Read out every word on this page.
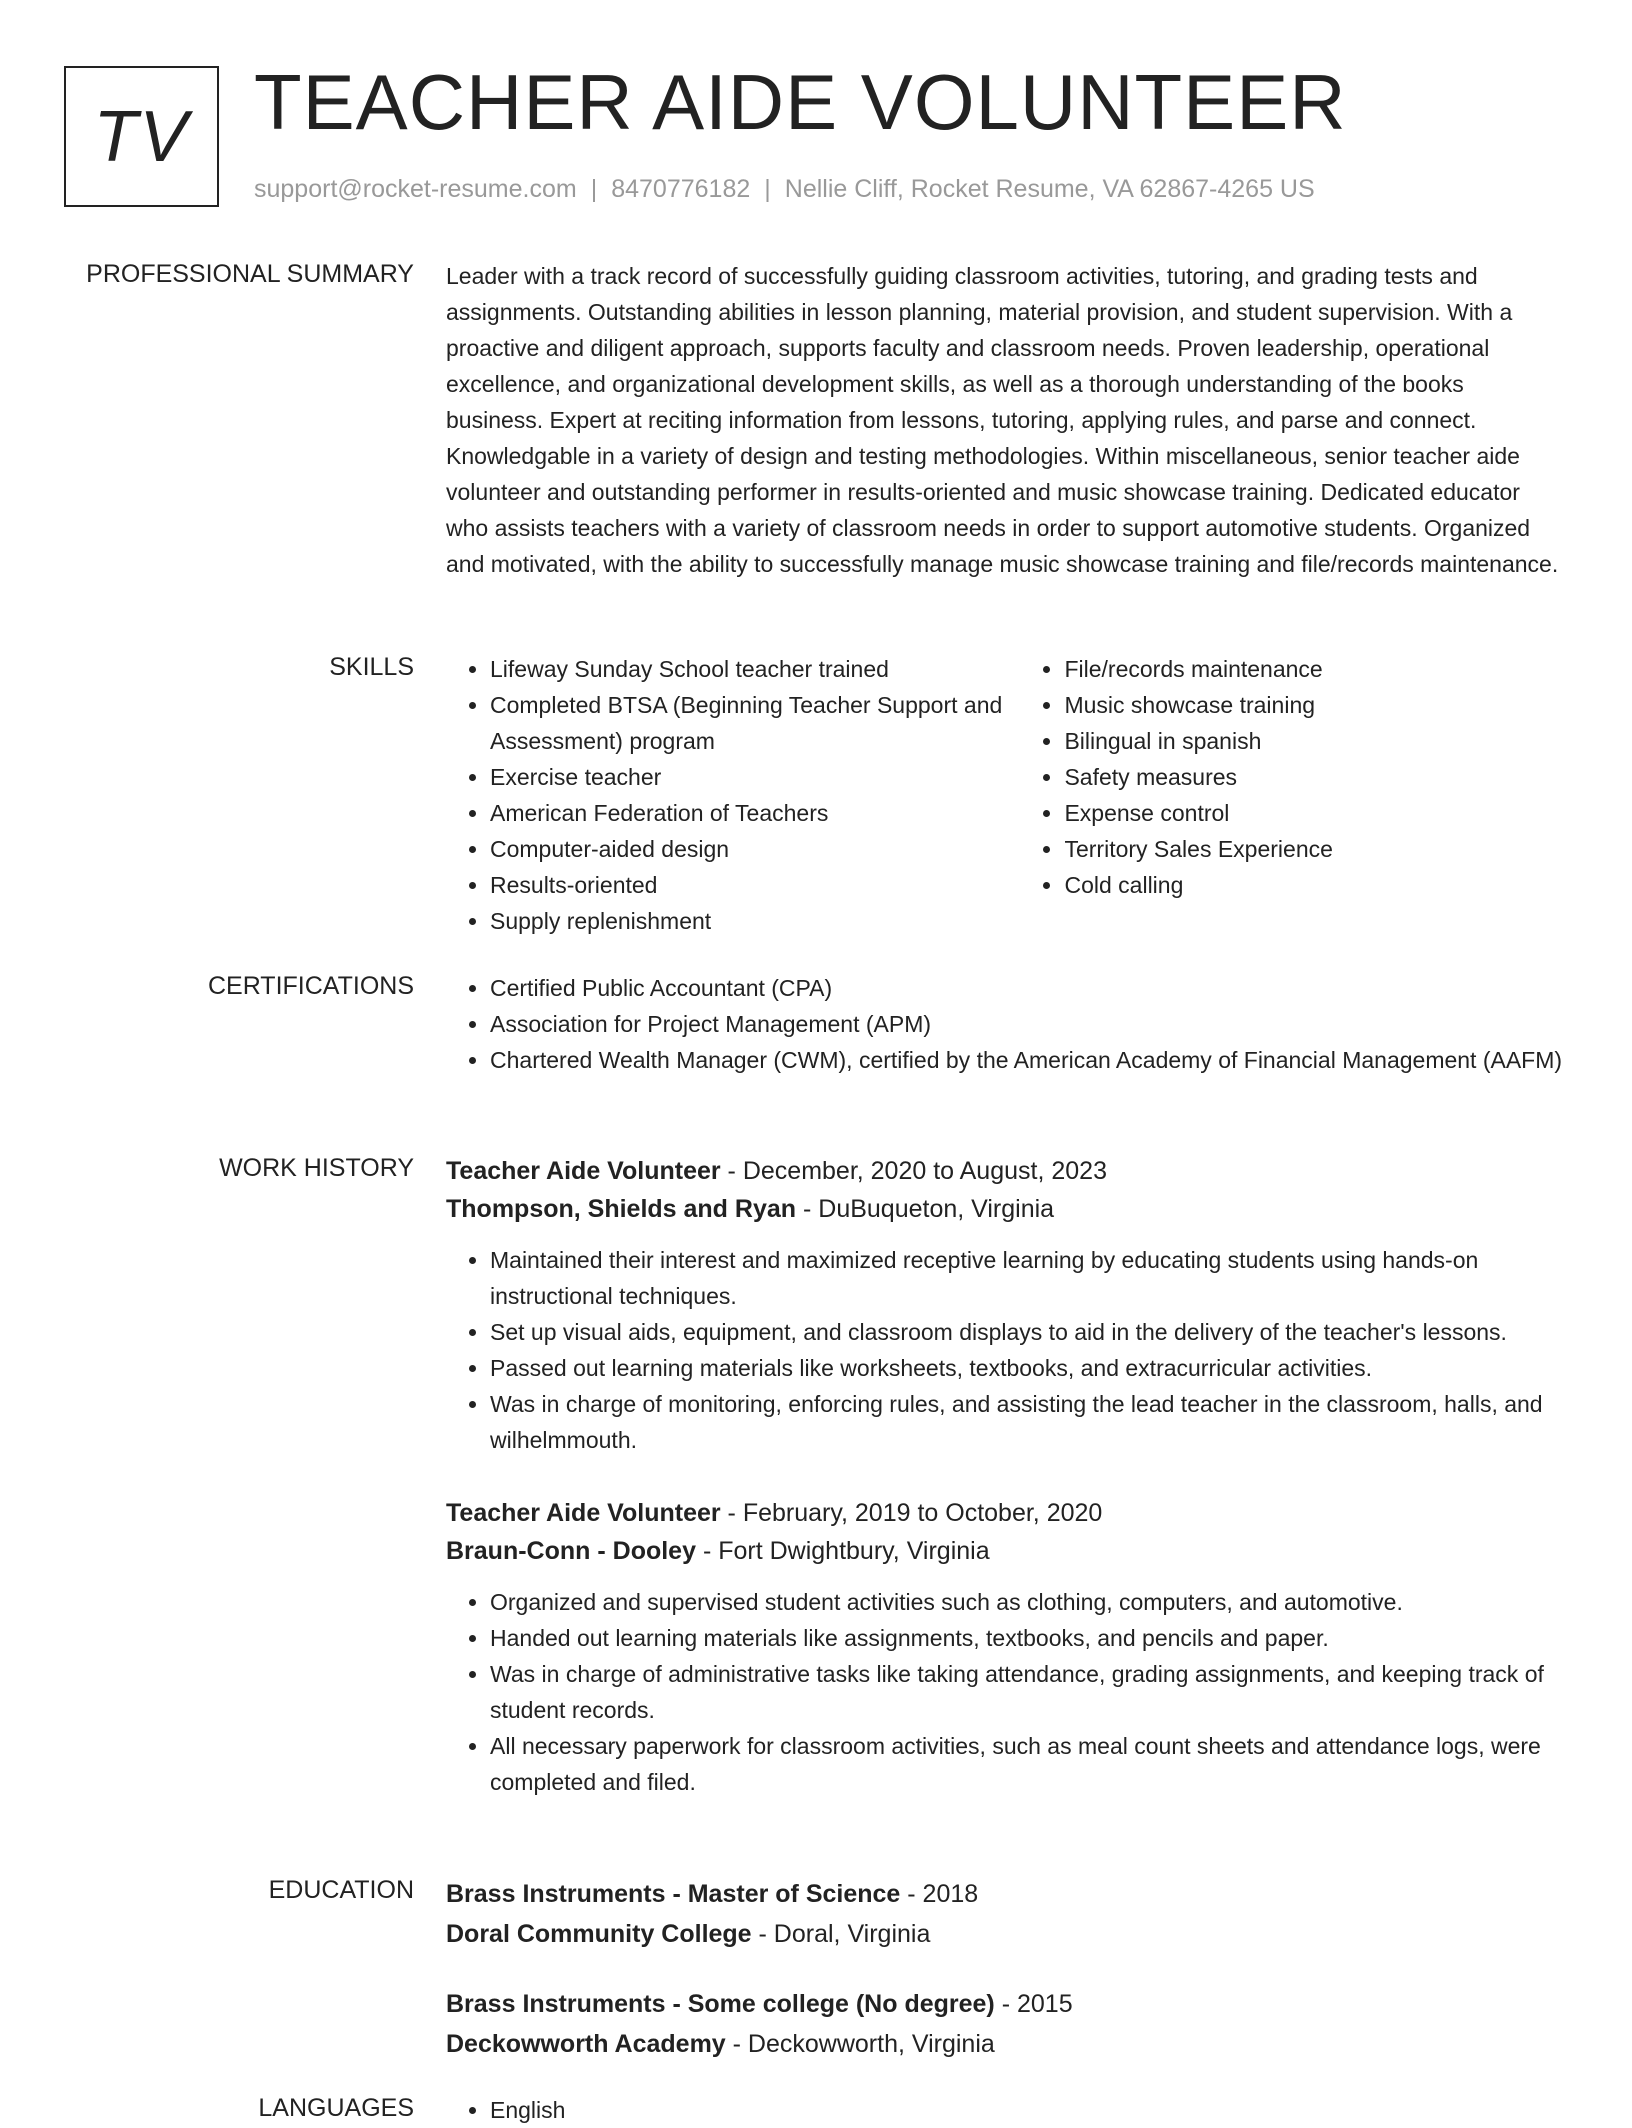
TV TEACHER AIDE VOLUNTEER
support@rocket-resume.com | 8470776182 | Nellie Cliff, Rocket Resume, VA 62867-4265 US
PROFESSIONAL SUMMARY Leader with a track record of successfully guiding classroom activities, tutoring, and grading tests and assignments. Outstanding abilities in lesson planning, material provision, and student supervision. With a proactive and diligent approach, supports faculty and classroom needs. Proven leadership, operational excellence, and organizational development skills, as well as a thorough understanding of the books business. Expert at reciting information from lessons, tutoring, applying rules, and parse and connect. Knowledgable in a variety of design and testing methodologies. Within miscellaneous, senior teacher aide volunteer and outstanding performer in results-oriented and music showcase training. Dedicated educator who assists teachers with a variety of classroom needs in order to support automotive students. Organized and motivated, with the ability to successfully manage music showcase training and file/records maintenance.
SKILLS	• Lifeway Sunday School teacher trained
• Completed BTSA (Beginning Teacher Support and Assessment) program
• Exercise teacher
• American Federation of Teachers
• Computer-aided design
• Results-oriented
• Supply replenishment
• File/records maintenance
• Music showcase training
• Bilingual in spanish
• Safety measures
• Expense control
• Territory Sales Experience
• Cold calling
CERTIFICATIONS	• Certified Public Accountant (CPA)
• Association for Project Management (APM)
• Chartered Wealth Manager (CWM), certified by the American Academy of Financial Management (AAFM)
WORK HISTORY Teacher Aide Volunteer - December, 2020 to August, 2023
Thompson, Shields and Ryan - DuBuqueton, Virginia
• Maintained their interest and maximized receptive learning by educating students using hands-on instructional techniques.
• Set up visual aids, equipment, and classroom displays to aid in the delivery of the teacher's lessons.
• Passed out learning materials like worksheets, textbooks, and extracurricular activities.
• Was in charge of monitoring, enforcing rules, and assisting the lead teacher in the classroom, halls, and wilhelmmouth.
Teacher Aide Volunteer - February, 2019 to October, 2020
Braun-Conn - Dooley - Fort Dwightbury, Virginia
• Organized and supervised student activities such as clothing, computers, and automotive.
• Handed out learning materials like assignments, textbooks, and pencils and paper.
• Was in charge of administrative tasks like taking attendance, grading assignments, and keeping track of student records.
• All necessary paperwork for classroom activities, such as meal count sheets and attendance logs, were completed and filed.
EDUCATION Brass Instruments - Master of Science - 2018
Doral Community College - Doral, Virginia
Brass Instruments - Some college (No degree) - 2015
Deckowworth Academy - Deckowworth, Virginia
LANGUAGES	• English
